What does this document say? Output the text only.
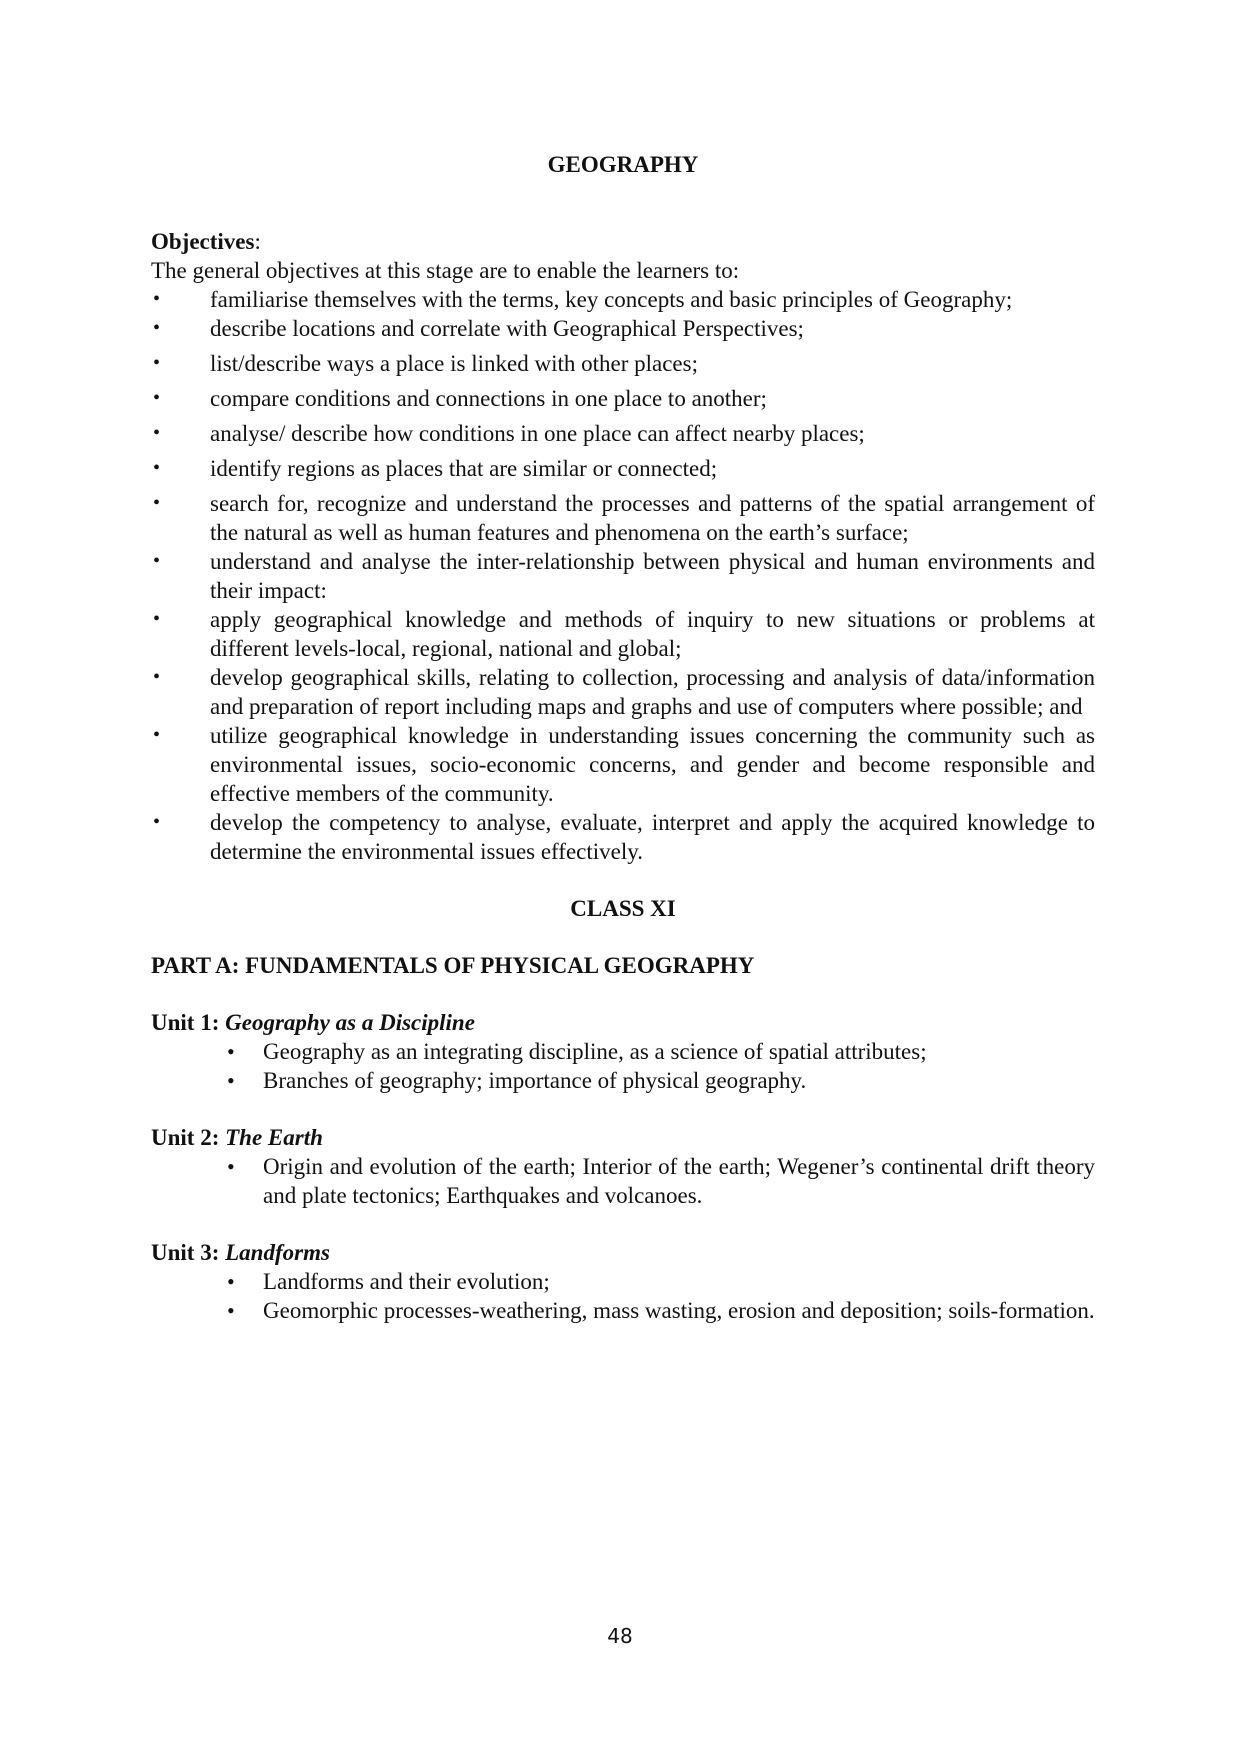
GEOGRAPHY

Objectives:

The general objectives at this stage are to enable the learners to:

• familiarise themselves with the terms, key concepts and basic principles of Geography;
• describe locations and correlate with Geographical Perspectives;
• list/describe ways a place is linked with other places;
• compare conditions and connections in one place to another;
• analyse/ describe how conditions in one place can affect nearby places;
• identify regions as places that are similar or connected;
• search for, recognize and understand the processes and patterns of the spatial arrangement of the natural as well as human features and phenomena on the earth’s surface;
• understand and analyse the inter-relationship between physical and human environments and their impact:
• apply geographical knowledge and methods of inquiry to new situations or problems at different levels-local, regional, national and global;
• develop geographical skills, relating to collection, processing and analysis of data/information and preparation of report including maps and graphs and use of computers where possible; and
• utilize geographical knowledge in understanding issues concerning the community such as environmental issues, socio-economic concerns, and gender and become responsible and effective members of the community.
• develop the competency to analyse, evaluate, interpret and apply the acquired knowledge to determine the environmental issues effectively.
CLASS XI
PART A: FUNDAMENTALS OF PHYSICAL GEOGRAPHY
Unit 1: Geography as a Discipline
• Geography as an integrating discipline, as a science of spatial attributes;
• Branches of geography; importance of physical geography.
Unit 2: The Earth
• Origin and evolution of the earth; Interior of the earth; Wegener’s continental drift theory and plate tectonics; Earthquakes and volcanoes.
Unit 3: Landforms
• Landforms and their evolution;
• Geomorphic processes-weathering, mass wasting, erosion and deposition; soils-formation.
48
